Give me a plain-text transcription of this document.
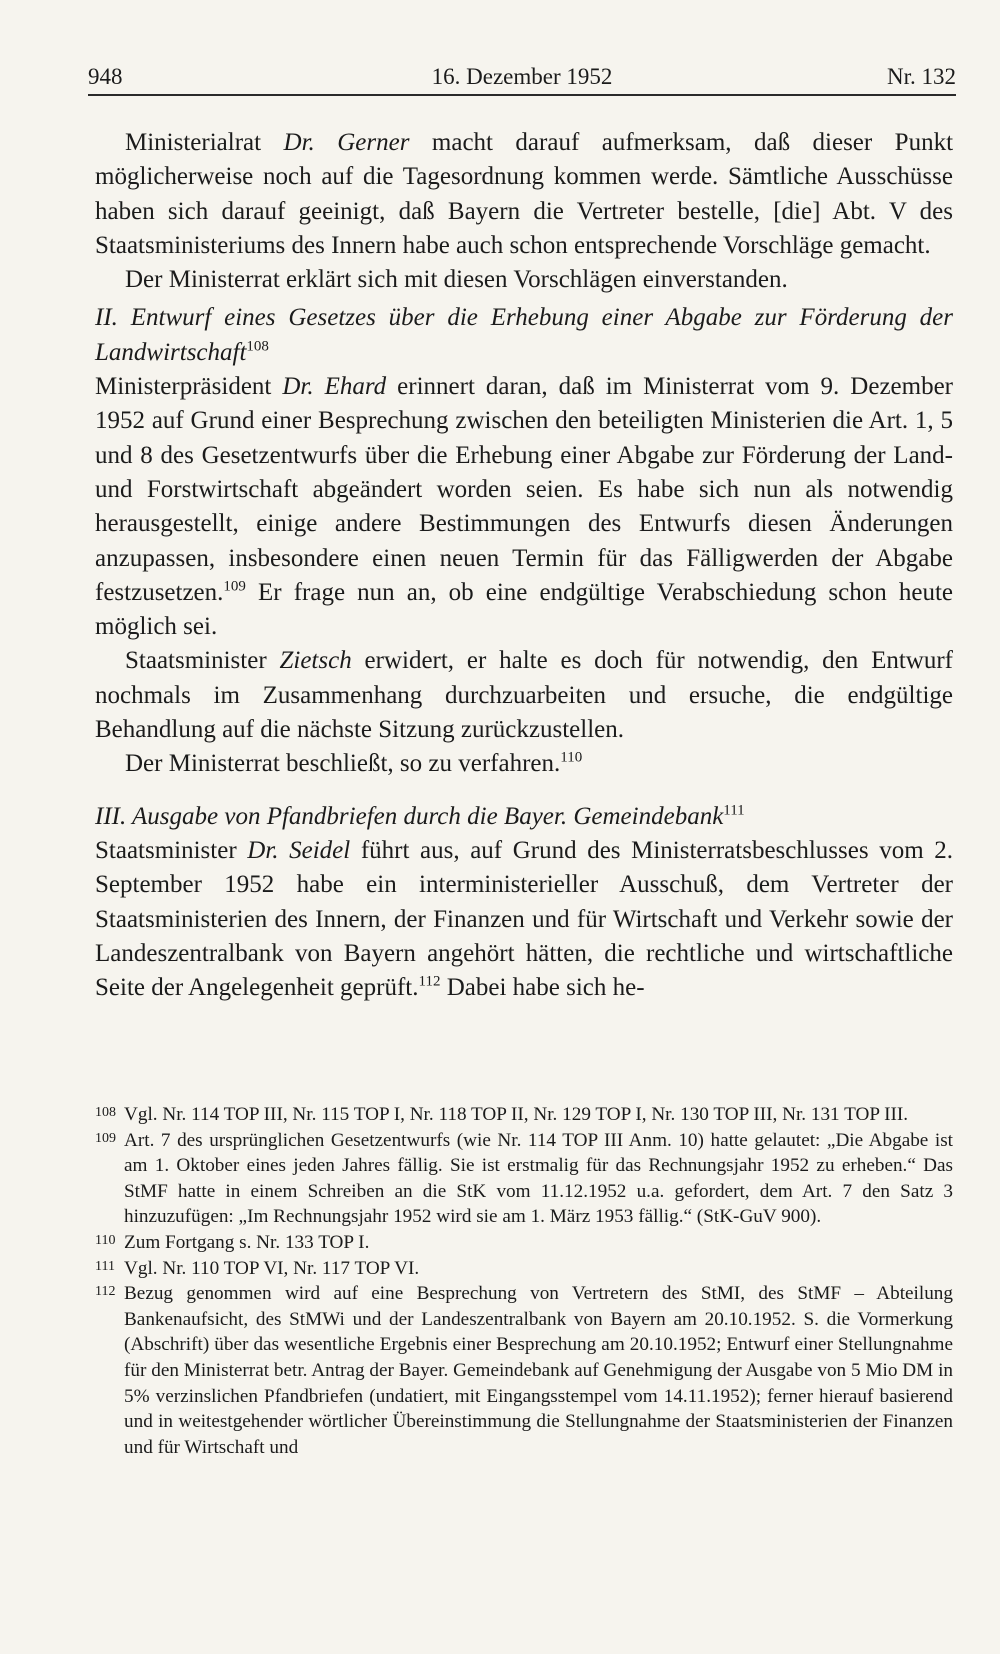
948	16. Dezember 1952	Nr. 132

Ministerialrat Dr. Gerner macht darauf aufmerksam, daß dieser Punkt möglicherweise noch auf die Tagesordnung kommen werde. Sämtliche Ausschüsse haben sich darauf geeinigt, daß Bayern die Vertreter bestelle, [die] Abt. V des Staatsministeriums des Innern habe auch schon entsprechende Vorschläge gemacht.

Der Ministerrat erklärt sich mit diesen Vorschlägen einverstanden.

II. Entwurf eines Gesetzes über die Erhebung einer Abgabe zur Förderung der Landwirtschaft$^{108}$

Ministerpräsident Dr. Ehard erinnert daran, daß im Ministerrat vom 9. Dezember 1952 auf Grund einer Besprechung zwischen den beteiligten Ministerien die Art. 1, 5 und 8 des Gesetzentwurfs über die Erhebung einer Abgabe zur Förderung der Land- und Forstwirtschaft abgeändert worden seien. Es habe sich nun als notwendig herausgestellt, einige andere Bestimmungen des Entwurfs diesen Änderungen anzupassen, insbesondere einen neuen Termin für das Fälligwerden der Abgabe festzusetzen.$^{109}$ Er frage nun an, ob eine endgültige Verabschiedung schon heute möglich sei.

Staatsminister Zietsch erwidert, er halte es doch für notwendig, den Entwurf nochmals im Zusammenhang durchzuarbeiten und ersuche, die endgültige Behandlung auf die nächste Sitzung zurückzustellen.

Der Ministerrat beschließt, so zu verfahren.$^{110}$

III. Ausgabe von Pfandbriefen durch die Bayer. Gemeindebank$^{111}$

Staatsminister Dr. Seidel führt aus, auf Grund des Ministerratsbeschlusses vom 2. September 1952 habe ein interministerieller Ausschuß, dem Vertreter der Staatsministerien des Innern, der Finanzen und für Wirtschaft und Verkehr sowie der Landeszentralbank von Bayern angehört hätten, die rechtliche und wirtschaftliche Seite der Angelegenheit geprüft.$^{112}$ Dabei habe sich he-

108 Vgl. Nr. 114 TOP III, Nr. 115 TOP I, Nr. 118 TOP II, Nr. 129 TOP I, Nr. 130 TOP III, Nr. 131 TOP III.
109 Art. 7 des ursprünglichen Gesetzentwurfs (wie Nr. 114 TOP III Anm. 10) hatte gelautet: „Die Abgabe ist am 1. Oktober eines jeden Jahres fällig. Sie ist erstmalig für das Rechnungsjahr 1952 zu erheben.“ Das StMF hatte in einem Schreiben an die StK vom 11.12.1952 u.a. gefordert, dem Art. 7 den Satz 3 hinzuzufügen: „Im Rechnungsjahr 1952 wird sie am 1. März 1953 fällig.“ (StK-GuV 900).
110 Zum Fortgang s. Nr. 133 TOP I.
111 Vgl. Nr. 110 TOP VI, Nr. 117 TOP VI.
112 Bezug genommen wird auf eine Besprechung von Vertretern des StMI, des StMF – Abteilung Bankenaufsicht, des StMWi und der Landeszentralbank von Bayern am 20.10.1952. S. die Vormerkung (Abschrift) über das wesentliche Ergebnis einer Besprechung am 20.10.1952; Entwurf einer Stellungnahme für den Ministerrat betr. Antrag der Bayer. Gemeindebank auf Genehmigung der Ausgabe von 5 Mio DM in 5% verzinslichen Pfandbriefen (undatiert, mit Eingangsstempel vom 14.11.1952); ferner hierauf basierend und in weitestgehender wörtlicher Übereinstimmung die Stellungnahme der Staatsministerien der Finanzen und für Wirtschaft und
